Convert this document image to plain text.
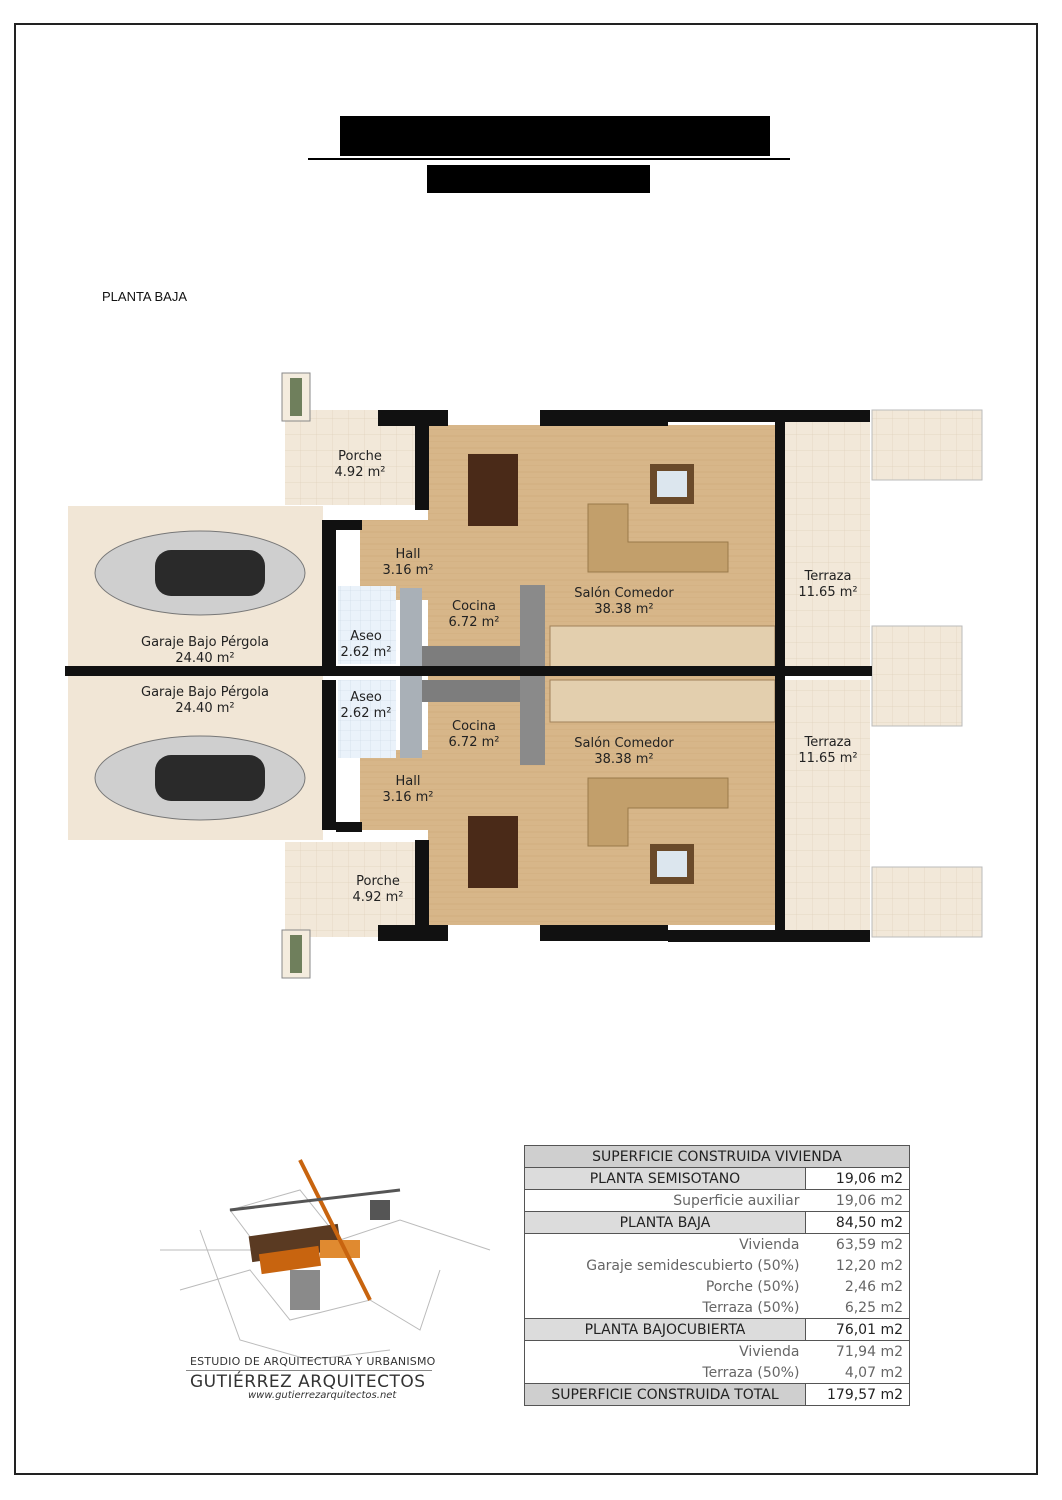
PLANTA BAJA
Porche
4.92 m²
Hall
3.16 m²
Garaje Bajo Pérgola
24.40 m²
Aseo
2.62 m²
Cocina
6.72 m²
Salón Comedor
38.38 m²
Terraza
11.65 m²
Garaje Bajo Pérgola
24.40 m²
Aseo
2.62 m²
Cocina
6.72 m²	Salón Comedor
38.38 m²
Terraza
11.65 m²
Hall
3.16 m²
Porche
4.92 m²
ESTUDIO DE ARQUITECTURA Y URBANISMO
GUTIÉRREZ ARQUITECTOS
www.gutierrezarquitectos.net
SUPERFICIE CONSTRUIDA VIVIENDA	
PLANTA SEMISOTANO	19,06 m2
Superficie auxiliar	19,06 m2
PLANTA BAJA	84,50 m2
Vivienda	63,59 m2
Garaje semidescubierto (50%)	12,20 m2
Porche (50%)	2,46 m2
Terraza (50%)	6,25 m2
PLANTA BAJOCUBIERTA	76,01 m2
Vivienda	71,94 m2
Terraza (50%)	4,07 m2
SUPERFICIE CONSTRUIDA TOTAL	179,57 m2
